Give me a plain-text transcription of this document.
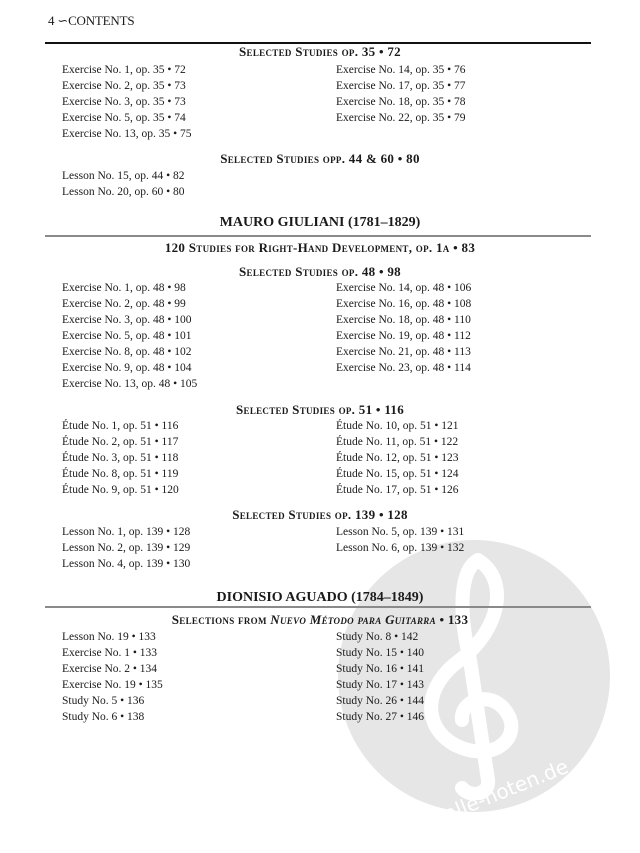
alle-noten.de
4 ∽CONTENTS
Selected Studies op. 35 • 72
Exercise No. 1, op. 35 • 72
Exercise No. 2, op. 35 • 73
Exercise No. 3, op. 35 • 73
Exercise No. 5, op. 35 • 74
Exercise No. 13, op. 35 • 75
Exercise No. 14, op. 35 • 76
Exercise No. 17, op. 35 • 77
Exercise No. 18, op. 35 • 78
Exercise No. 22, op. 35 • 79
Selected Studies opp. 44 & 60 • 80
Lesson No. 15, op. 44 • 82
Lesson No. 20, op. 60 • 80
MAURO GIULIANI (1781–1829)
120 Studies for Right-Hand Development, op. 1a • 83
Selected Studies op. 48 • 98
Exercise No. 1, op. 48 • 98
Exercise No. 2, op. 48 • 99
Exercise No. 3, op. 48 • 100
Exercise No. 5, op. 48 • 101
Exercise No. 8, op. 48 • 102
Exercise No. 9, op. 48 • 104
Exercise No. 13, op. 48 • 105
Exercise No. 14, op. 48 • 106
Exercise No. 16, op. 48 • 108
Exercise No. 18, op. 48 • 110
Exercise No. 19, op. 48 • 112
Exercise No. 21, op. 48 • 113
Exercise No. 23, op. 48 • 114
Selected Studies op. 51 • 116
Étude No. 1, op. 51 • 116
Étude No. 2, op. 51 • 117
Étude No. 3, op. 51 • 118
Étude No. 8, op. 51 • 119
Étude No. 9, op. 51 • 120
Étude No. 10, op. 51 • 121
Étude No. 11, op. 51 • 122
Étude No. 12, op. 51 • 123
Étude No. 15, op. 51 • 124
Étude No. 17, op. 51 • 126
Selected Studies op. 139 • 128
Lesson No. 1, op. 139 • 128
Lesson No. 2, op. 139 • 129
Lesson No. 4, op. 139 • 130
Lesson No. 5, op. 139 • 131
Lesson No. 6, op. 139 • 132
DIONISIO AGUADO (1784–1849)
Selections from Nuevo Método para Guitarra • 133
Lesson No. 19 • 133
Exercise No. 1 • 133
Exercise No. 2 • 134
Exercise No. 19 • 135
Study No. 5 • 136
Study No. 6 • 138
Study No. 8 • 142
Study No. 15 • 140
Study No. 16 • 141
Study No. 17 • 143
Study No. 26 • 144
Study No. 27 • 146
